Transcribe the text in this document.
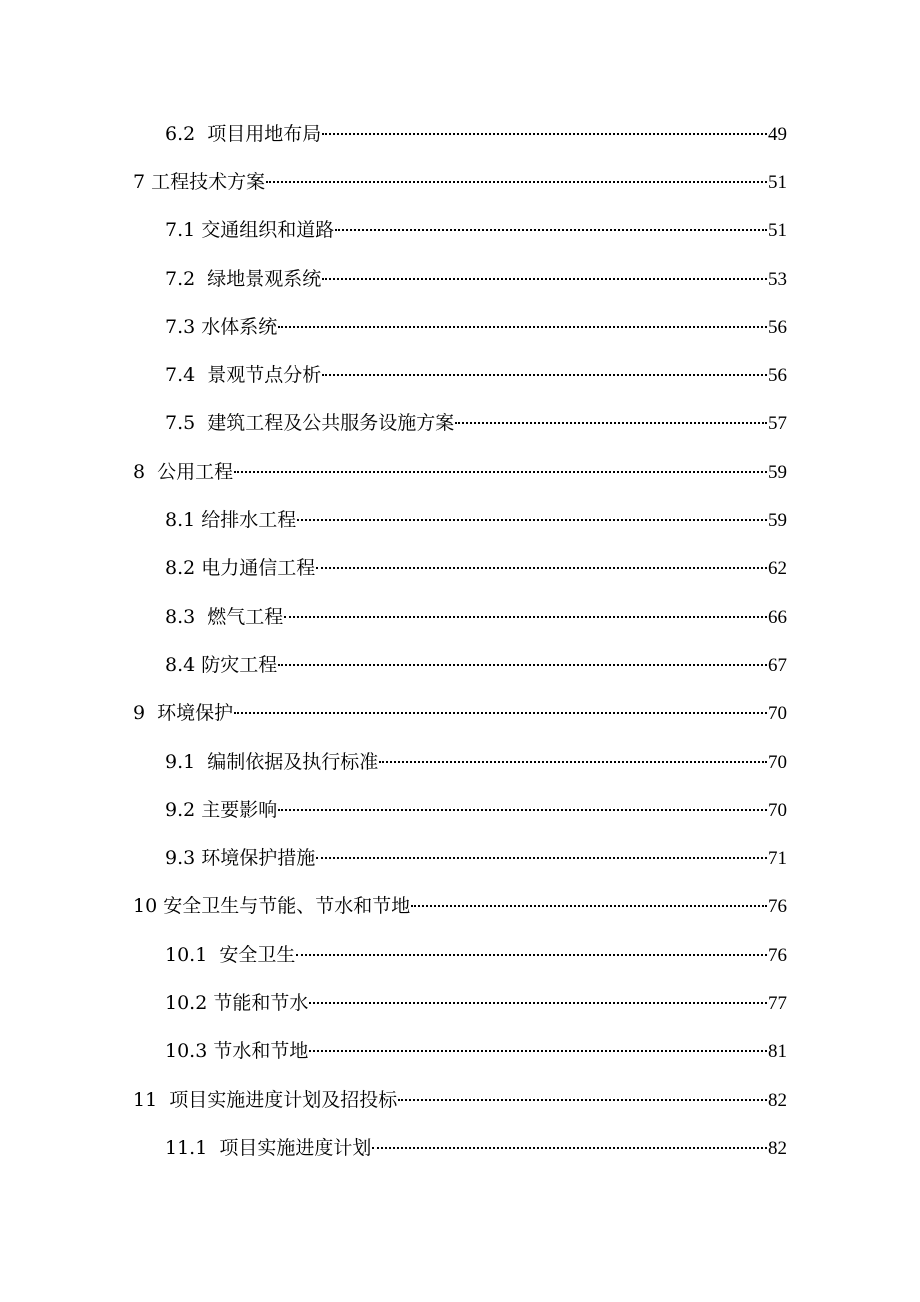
6.2 项目用地布局	49
7 工程技术方案	51
7.1 交通组织和道路	51
7.2 绿地景观系统	53
7.3 水体系统	56
7.4 景观节点分析	56
7.5 建筑工程及公共服务设施方案	57
8 公用工程	59
8.1 给排水工程	59
8.2 电力通信工程	62
8.3 燃气工程	66
8.4 防灾工程	67
9 环境保护	70
9.1 编制依据及执行标准	70
9.2 主要影响	70
9.3 环境保护措施	71
10 安全卫生与节能、节水和节地	76
10.1 安全卫生	76
10.2 节能和节水	77
10.3 节水和节地	81
11 项目实施进度计划及招投标	82
11.1 项目实施进度计划	82
